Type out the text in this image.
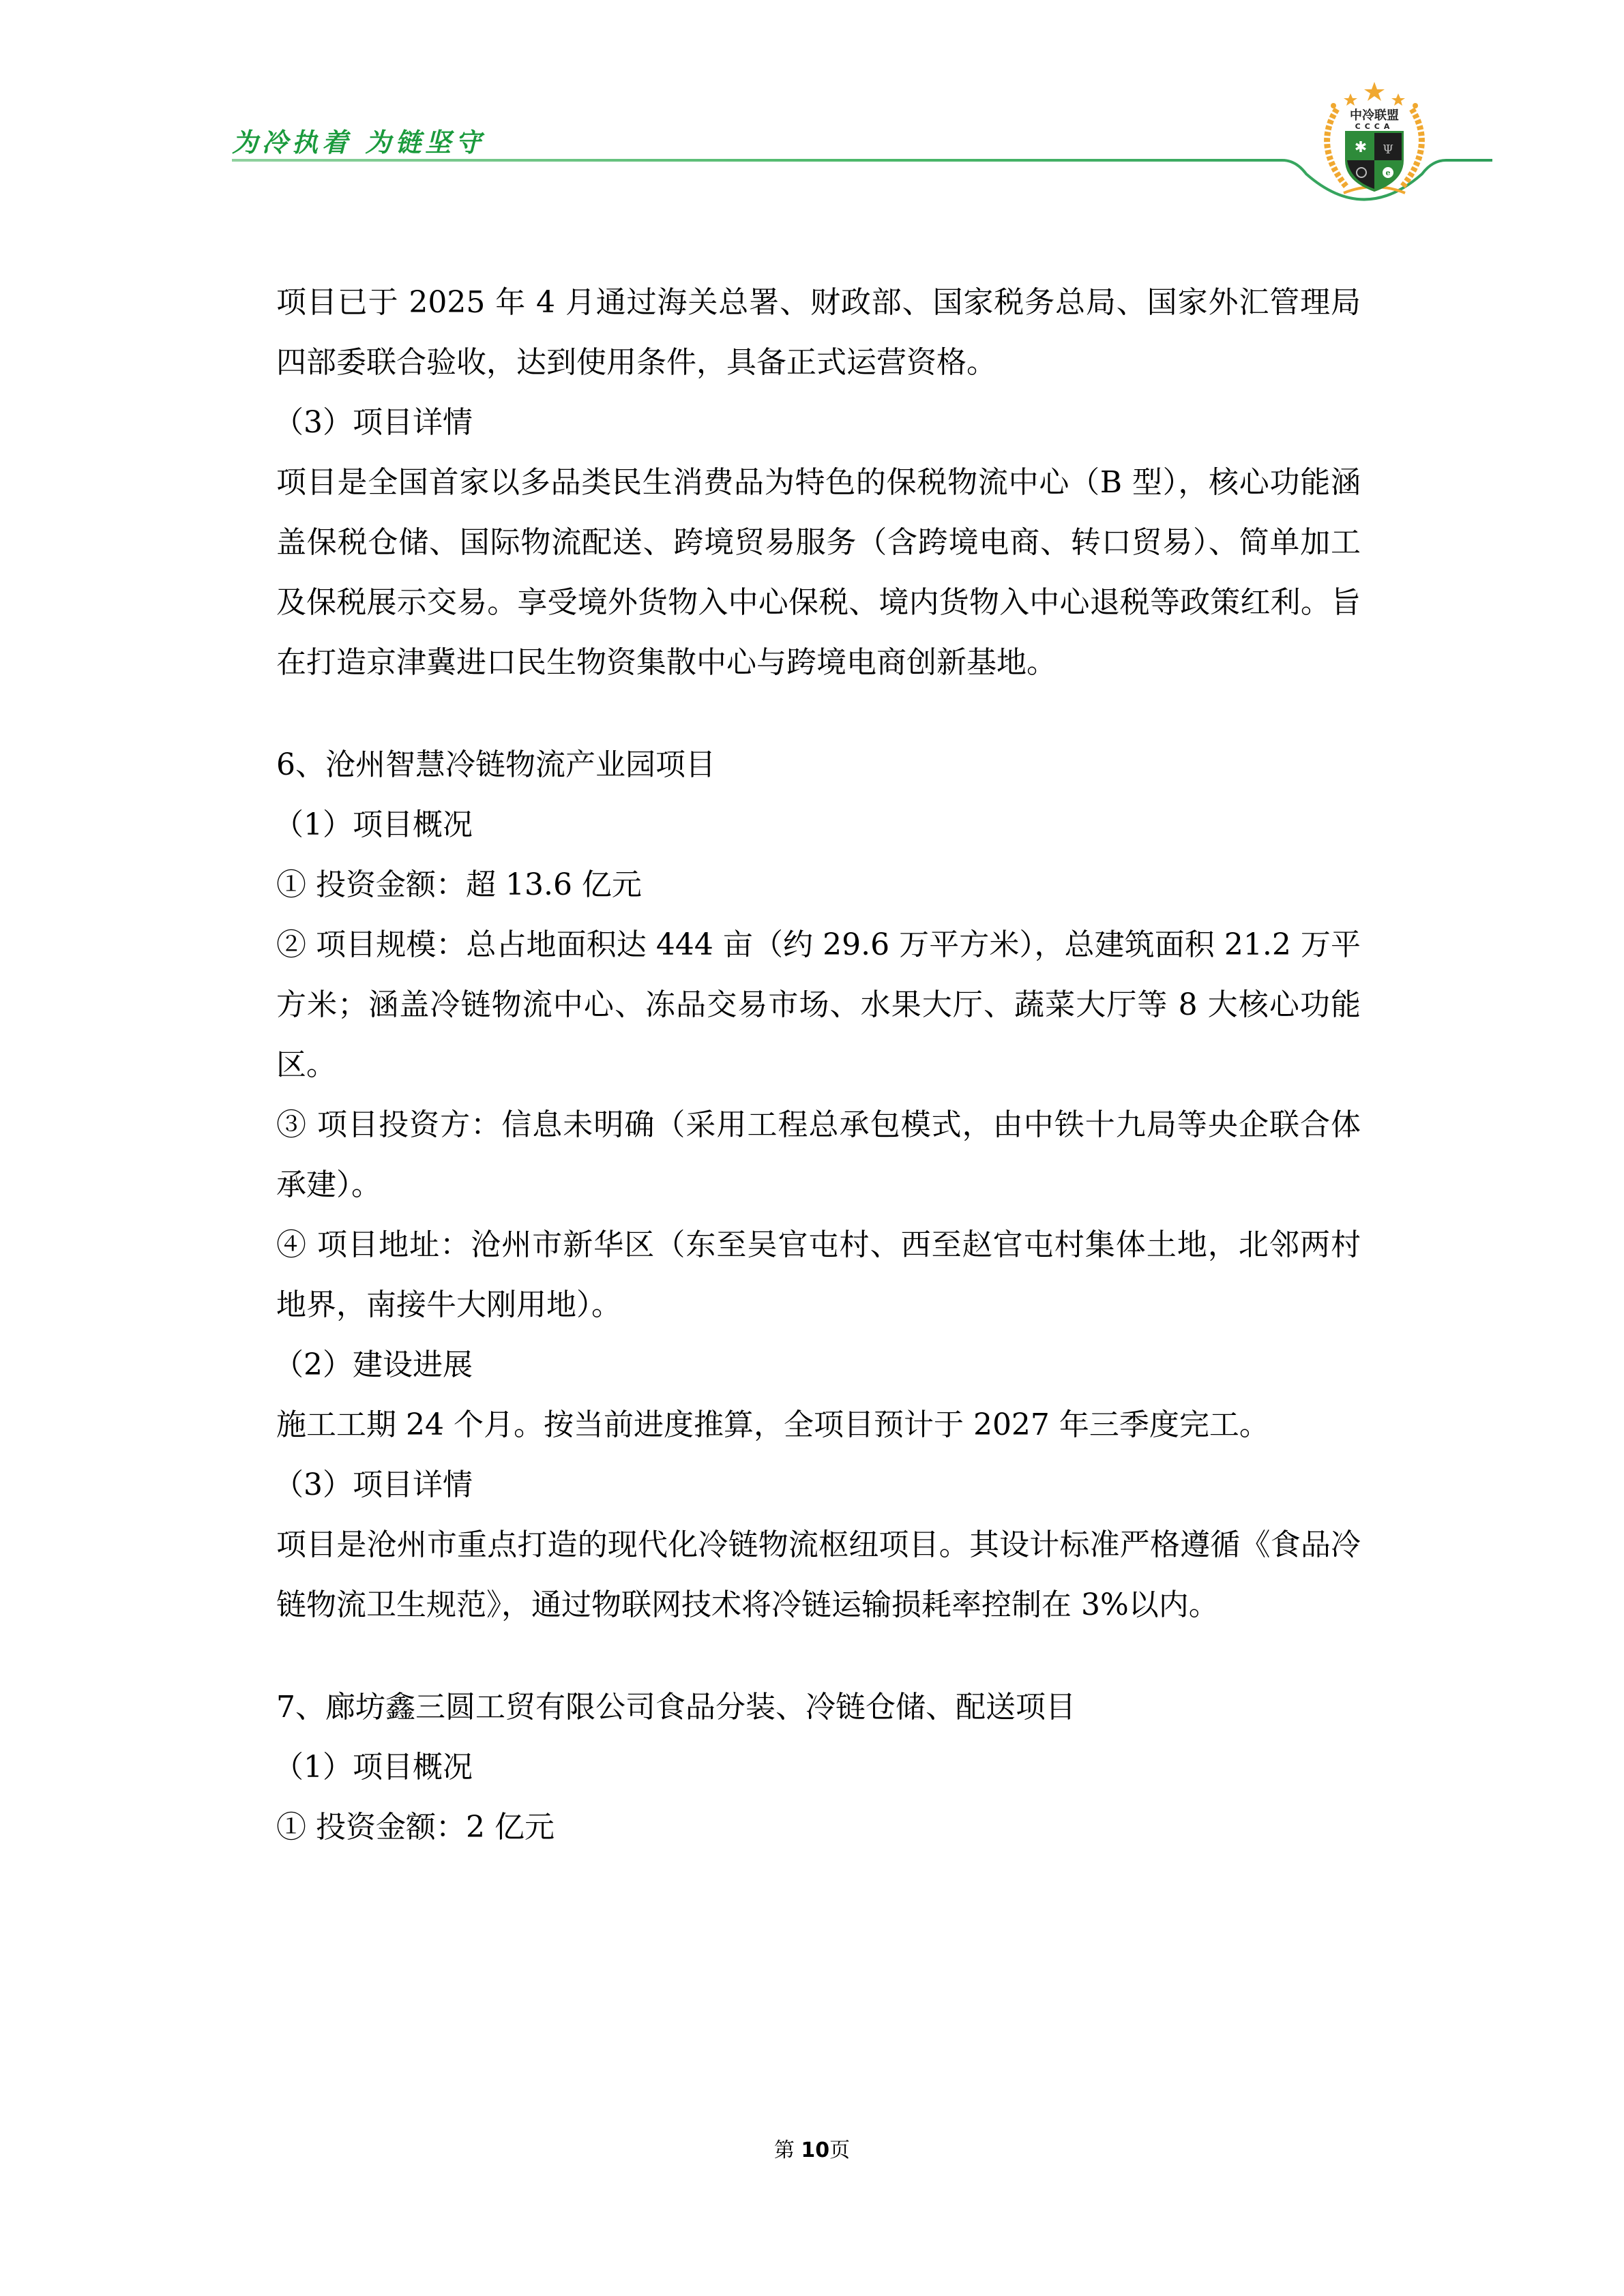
为冷执着 为链坚守
中冷联盟
CCCA
✱ Ψ
e

项目已于 2025 年 4 月通过海关总署、财政部、国家税务总局、国家外汇管理局四部委联合验收，达到使用条件，具备正式运营资格。

（3）项目详情

项目是全国首家以多品类民生消费品为特色的保税物流中心（B 型），核心功能涵盖保税仓储、国际物流配送、跨境贸易服务（含跨境电商、转口贸易）、简单加工及保税展示交易。享受境外货物入中心保税、境内货物入中心退税等政策红利。旨在打造京津冀进口民生物资集散中心与跨境电商创新基地。

6、沧州智慧冷链物流产业园项目

（1）项目概况

① 投资金额：超 13.6 亿元

② 项目规模：总占地面积达 444 亩（约 29.6 万平方米），总建筑面积 21.2 万平方米；涵盖冷链物流中心、冻品交易市场、水果大厅、蔬菜大厅等 8 大核心功能区。

③ 项目投资方：信息未明确（采用工程总承包模式，由中铁十九局等央企联合体承建）。

④ 项目地址：沧州市新华区（东至吴官屯村、西至赵官屯村集体土地，北邻两村地界，南接牛大刚用地）。

（2）建设进展

施工工期 24 个月。按当前进度推算，全项目预计于 2027 年三季度完工。

（3）项目详情

项目是沧州市重点打造的现代化冷链物流枢纽项目。其设计标准严格遵循《食品冷链物流卫生规范》，通过物联网技术将冷链运输损耗率控制在 3%以内。

7、廊坊鑫三圆工贸有限公司食品分装、冷链仓储、配送项目

（1）项目概况

① 投资金额：2 亿元

第 10页
